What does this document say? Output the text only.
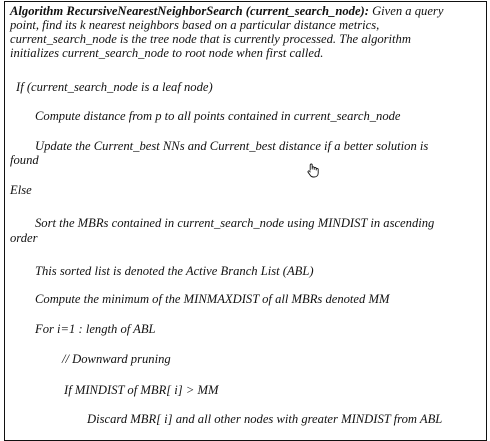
Algorithm RecursiveNearestNeighborSearch (current_search_node): Given a query
point, find its k nearest neighbors based on a particular distance metrics,
current_search_node is the tree node that is currently processed. The algorithm
initializes current_search_node to root node when first called.
If (current_search_node is a leaf node)
Compute distance from p to all points contained in current_search_node
Update the Current_best NNs and Current_best distance if a better solution is
found
Else
Sort the MBRs contained in current_search_node using MINDIST in ascending
order
This sorted list is denoted the Active Branch List (ABL)
Compute the minimum of the MINMAXDIST of all MBRs denoted MM
For i=1 : length of ABL
// Downward pruning
If MINDIST of MBR[ i] > MM
Discard MBR[ i] and all other nodes with greater MINDIST from ABL
